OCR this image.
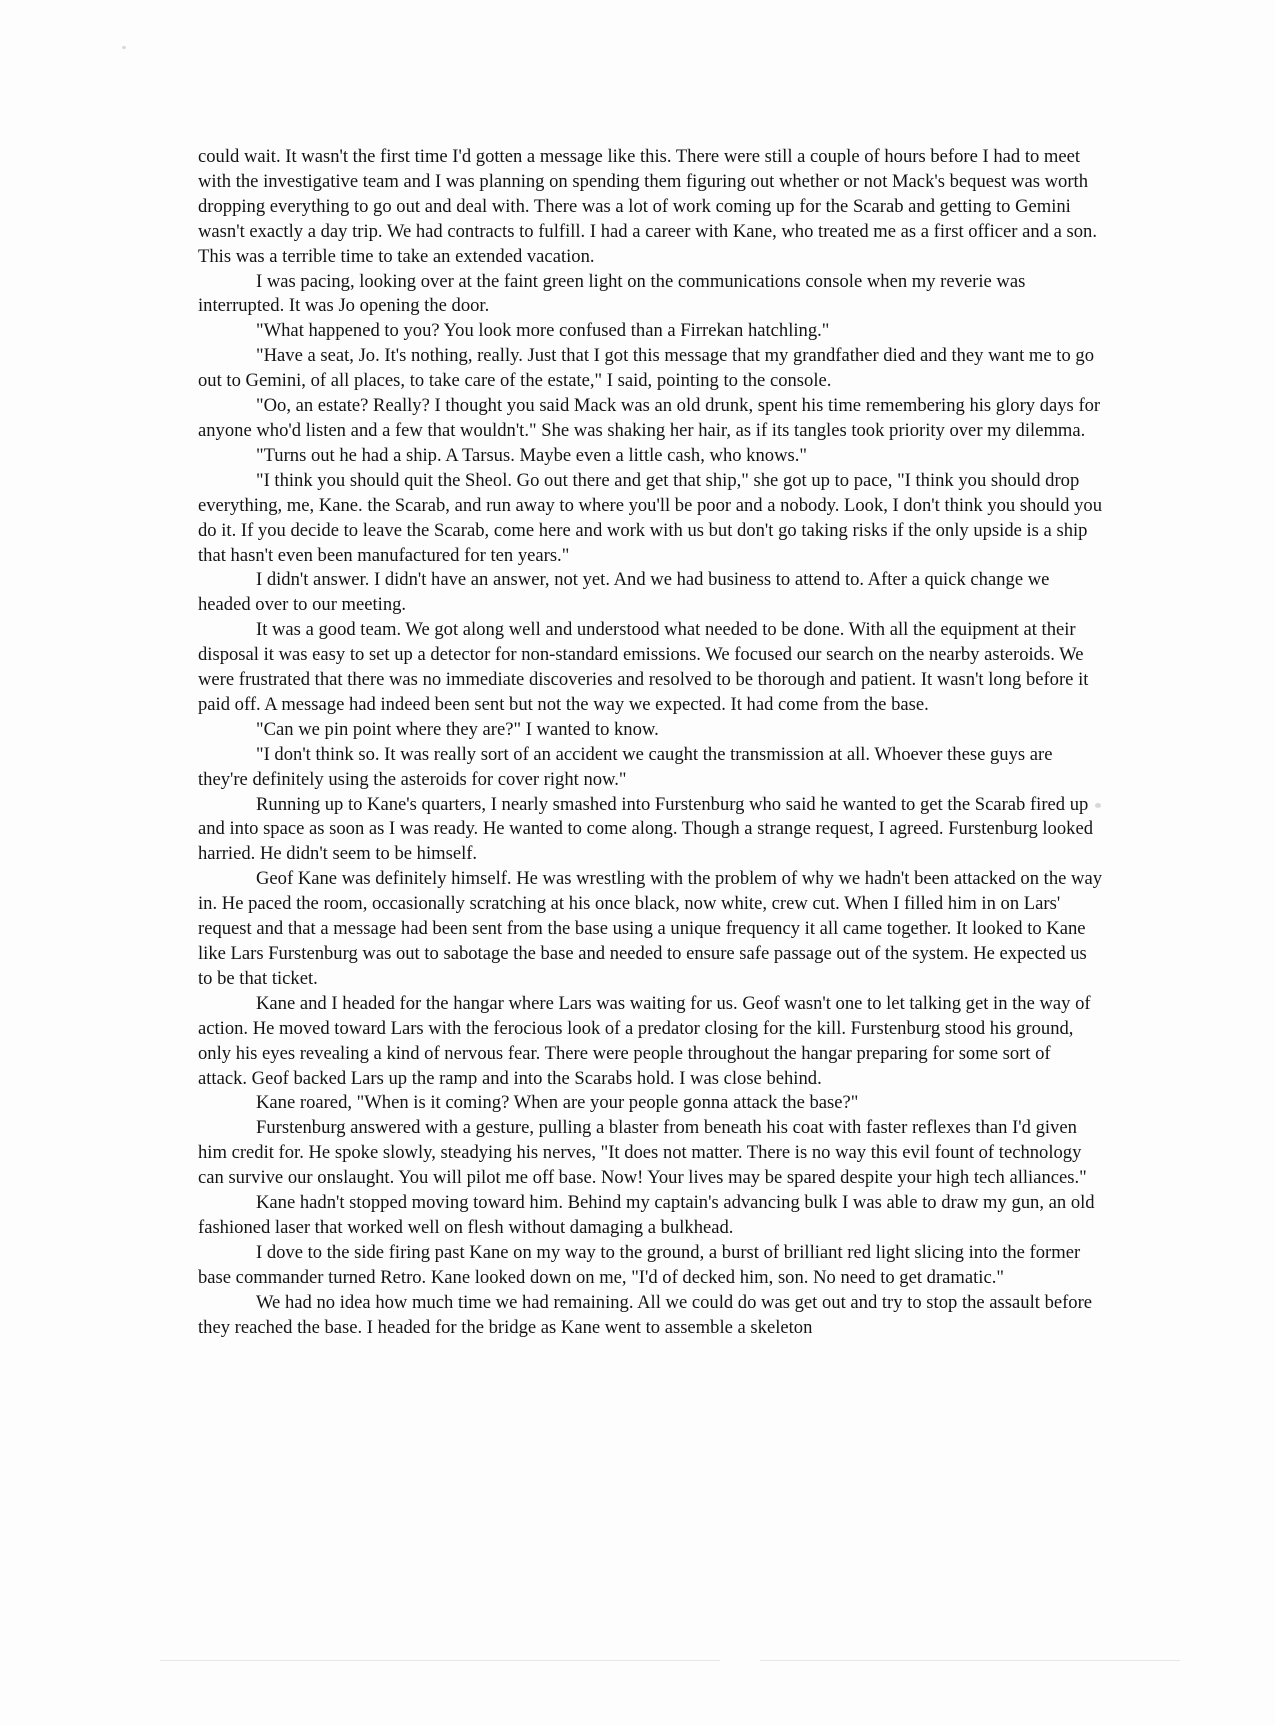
could wait. It wasn't the first time I'd gotten a message like this. There were still a couple of hours before I had to meet with the investigative team and I was planning on spending them figuring out whether or not Mack's bequest was worth dropping everything to go out and deal with. There was a lot of work coming up for the Scarab and getting to Gemini wasn't exactly a day trip. We had contracts to fulfill. I had a career with Kane, who treated me as a first officer and a son. This was a terrible time to take an extended vacation.

I was pacing, looking over at the faint green light on the communications console when my reverie was interrupted. It was Jo opening the door.

"What happened to you? You look more confused than a Firrekan hatchling."

"Have a seat, Jo. It's nothing, really. Just that I got this message that my grandfather died and they want me to go out to Gemini, of all places, to take care of the estate," I said, pointing to the console.

"Oo, an estate? Really? I thought you said Mack was an old drunk, spent his time remembering his glory days for anyone who'd listen and a few that wouldn't." She was shaking her hair, as if its tangles took priority over my dilemma.

"Turns out he had a ship. A Tarsus. Maybe even a little cash, who knows."

"I think you should quit the Sheol. Go out there and get that ship," she got up to pace, "I think you should drop everything, me, Kane. the Scarab, and run away to where you'll be poor and a nobody. Look, I don't think you should you do it. If you decide to leave the Scarab, come here and work with us but don't go taking risks if the only upside is a ship that hasn't even been manufactured for ten years."

I didn't answer. I didn't have an answer, not yet. And we had business to attend to. After a quick change we headed over to our meeting.

It was a good team. We got along well and understood what needed to be done. With all the equipment at their disposal it was easy to set up a detector for non-standard emissions. We focused our search on the nearby asteroids. We were frustrated that there was no immediate discoveries and resolved to be thorough and patient. It wasn't long before it paid off. A message had indeed been sent but not the way we expected. It had come from the base.

"Can we pin point where they are?" I wanted to know.

"I don't think so. It was really sort of an accident we caught the transmission at all. Whoever these guys are they're definitely using the asteroids for cover right now."

Running up to Kane's quarters, I nearly smashed into Furstenburg who said he wanted to get the Scarab fired up and into space as soon as I was ready. He wanted to come along. Though a strange request, I agreed. Furstenburg looked harried. He didn't seem to be himself.

Geof Kane was definitely himself. He was wrestling with the problem of why we hadn't been attacked on the way in. He paced the room, occasionally scratching at his once black, now white, crew cut. When I filled him in on Lars' request and that a message had been sent from the base using a unique frequency it all came together. It looked to Kane like Lars Furstenburg was out to sabotage the base and needed to ensure safe passage out of the system. He expected us to be that ticket.

Kane and I headed for the hangar where Lars was waiting for us. Geof wasn't one to let talking get in the way of action. He moved toward Lars with the ferocious look of a predator closing for the kill. Furstenburg stood his ground, only his eyes revealing a kind of nervous fear. There were people throughout the hangar preparing for some sort of attack. Geof backed Lars up the ramp and into the Scarabs hold. I was close behind.

Kane roared, "When is it coming? When are your people gonna attack the base?"

Furstenburg answered with a gesture, pulling a blaster from beneath his coat with faster reflexes than I'd given him credit for. He spoke slowly, steadying his nerves, "It does not matter. There is no way this evil fount of technology can survive our onslaught. You will pilot me off base. Now! Your lives may be spared despite your high tech alliances."

Kane hadn't stopped moving toward him. Behind my captain's advancing bulk I was able to draw my gun, an old fashioned laser that worked well on flesh without damaging a bulkhead.

I dove to the side firing past Kane on my way to the ground, a burst of brilliant red light slicing into the former base commander turned Retro. Kane looked down on me, "I'd of decked him, son. No need to get dramatic."

We had no idea how much time we had remaining. All we could do was get out and try to stop the assault before they reached the base. I headed for the bridge as Kane went to assemble a skeleton
